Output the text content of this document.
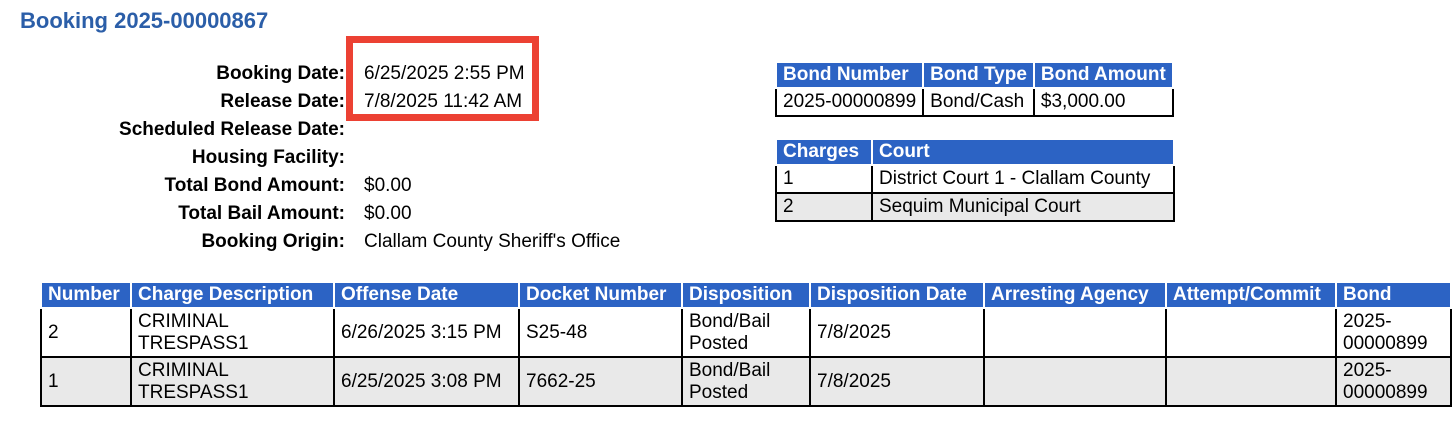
Booking 2025-00000867
Booking Date: 6/25/2025 2:55 PM
Release Date: 7/8/2025 11:42 AM
Scheduled Release Date:
Housing Facility:
Total Bond Amount: $0.00
Total Bail Amount: $0.00
Booking Origin: Clallam County Sheriff's Office
Bond Number	Bond Type	Bond Amount
2025-00000899	Bond/Cash	$3,000.00
Charges	Court
1	District Court 1 - Clallam County
2	Sequim Municipal Court
Number	Charge Description	Offense Date	Docket Number	Disposition	Disposition Date	Arresting Agency	Attempt/Commit	Bond
2	CRIMINAL TRESPASS1	6/26/2025 3:15 PM	S25-48	Bond/Bail Posted	7/8/2025			2025-00000899
1	CRIMINAL TRESPASS1	6/25/2025 3:08 PM	7662-25	Bond/Bail Posted	7/8/2025			2025-00000899
